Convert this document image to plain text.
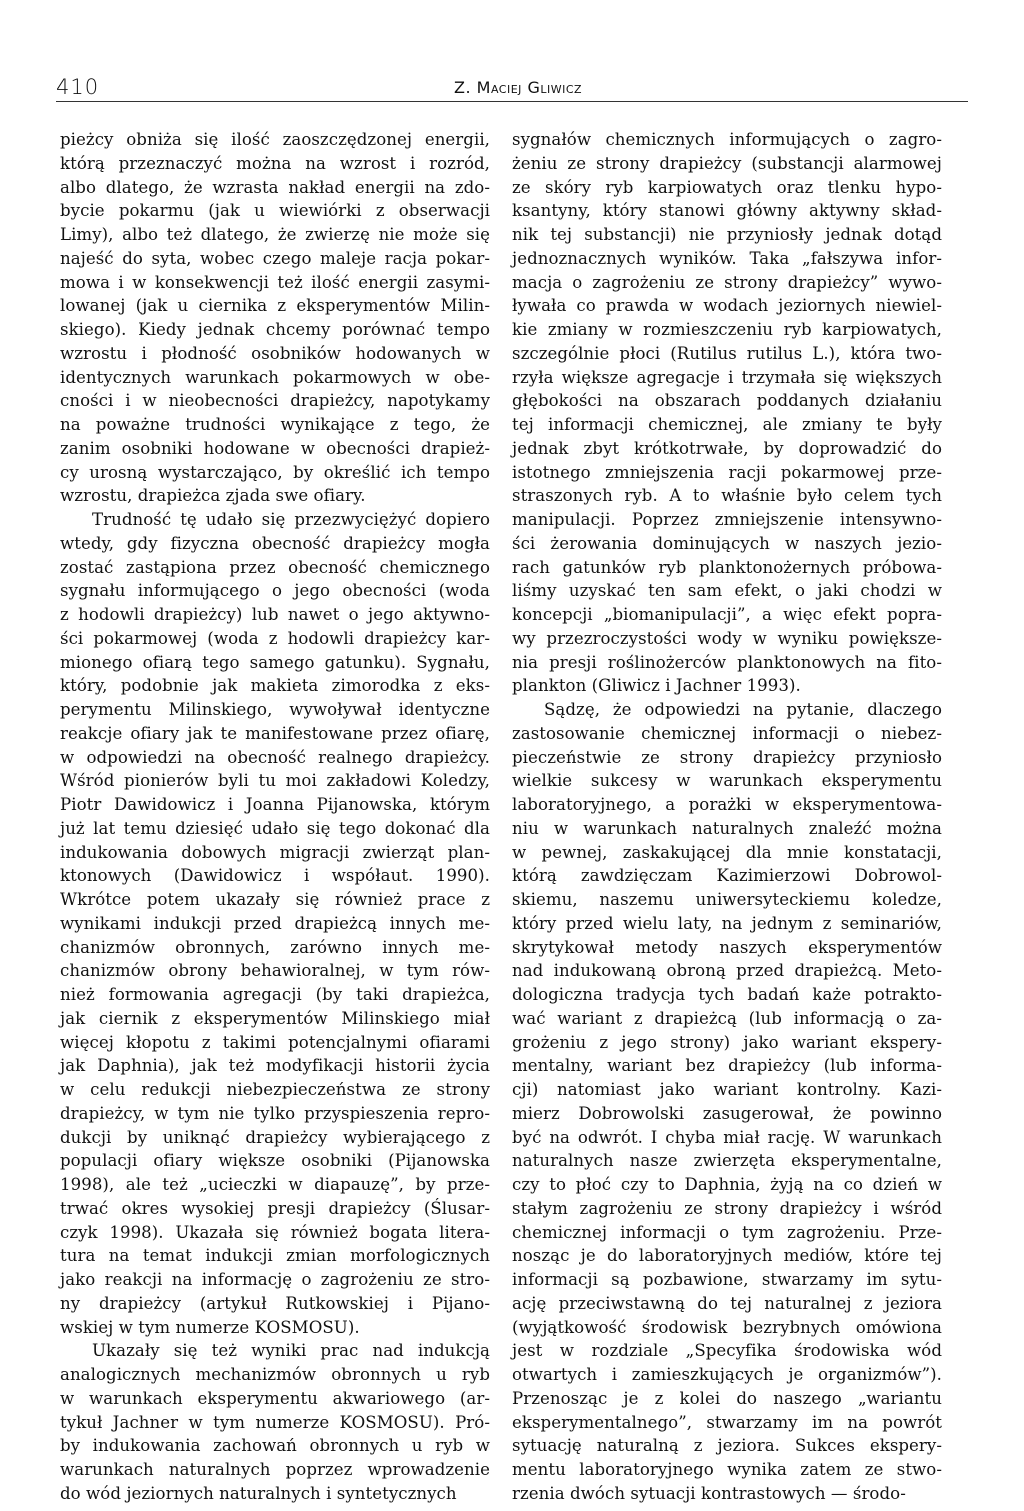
410	Z. Maciej Gliwicz
pieżcy obniża się ilość zaoszczędzonej energii,
którą przeznaczyć można na wzrost i rozród,
albo dlatego, że wzrasta nakład energii na zdo-
bycie pokarmu (jak u wiewiórki z obserwacji
Limy), albo też dlatego, że zwierzę nie może się
najeść do syta, wobec czego maleje racja pokar-
mowa i w konsekwencji też ilość energii zasymi-
lowanej (jak u ciernika z eksperymentów Milin-
skiego). Kiedy jednak chcemy porównać tempo
wzrostu i płodność osobników hodowanych w
identycznych warunkach pokarmowych w obe-
cności i w nieobecności drapieżcy, napotykamy
na poważne trudności wynikające z tego, że
zanim osobniki hodowane w obecności drapież-
cy urosną wystarczająco, by określić ich tempo
wzrostu, drapieżca zjada swe ofiary.
Trudność tę udało się przezwyciężyć dopiero
wtedy, gdy fizyczna obecność drapieżcy mogła
zostać zastąpiona przez obecność chemicznego
sygnału informującego o jego obecności (woda
z hodowli drapieżcy) lub nawet o jego aktywno-
ści pokarmowej (woda z hodowli drapieżcy kar-
mionego ofiarą tego samego gatunku). Sygnału,
który, podobnie jak makieta zimorodka z eks-
perymentu Milinskiego, wywoływał identyczne
reakcje ofiary jak te manifestowane przez ofiarę,
w odpowiedzi na obecność realnego drapieżcy.
Wśród pionierów byli tu moi zakładowi Koledzy,
Piotr Dawidowicz i Joanna Pijanowska, którym
już lat temu dziesięć udało się tego dokonać dla
indukowania dobowych migracji zwierząt plan-
ktonowych (Dawidowicz i współaut. 1990).
Wkrótce potem ukazały się również prace z
wynikami indukcji przed drapieżcą innych me-
chanizmów obronnych, zarówno innych me-
chanizmów obrony behawioralnej, w tym rów-
nież formowania agregacji (by taki drapieżca,
jak ciernik z eksperymentów Milinskiego miał
więcej kłopotu z takimi potencjalnymi ofiarami
jak Daphnia), jak też modyfikacji historii życia
w celu redukcji niebezpieczeństwa ze strony
drapieżcy, w tym nie tylko przyspieszenia repro-
dukcji by uniknąć drapieżcy wybierającego z
populacji ofiary większe osobniki (Pijanowska
1998), ale też „ucieczki w diapauzę”, by prze-
trwać okres wysokiej presji drapieżcy (Ślusar-
czyk 1998). Ukazała się również bogata litera-
tura na temat indukcji zmian morfologicznych
jako reakcji na informację o zagrożeniu ze stro-
ny drapieżcy (artykuł Rutkowskiej i Pijano-
wskiej w tym numerze KOSMOSU).
Ukazały się też wyniki prac nad indukcją
analogicznych mechanizmów obronnych u ryb
w warunkach eksperymentu akwariowego (ar-
tykuł Jachner w tym numerze KOSMOSU). Pró-
by indukowania zachowań obronnych u ryb w
warunkach naturalnych poprzez wprowadzenie
do wód jeziornych naturalnych i syntetycznych
sygnałów chemicznych informujących o zagro-
żeniu ze strony drapieżcy (substancji alarmowej
ze skóry ryb karpiowatych oraz tlenku hypo-
ksantyny, który stanowi główny aktywny skład-
nik tej substancji) nie przyniosły jednak dotąd
jednoznacznych wyników. Taka „fałszywa infor-
macja o zagrożeniu ze strony drapieżcy” wywo-
ływała co prawda w wodach jeziornych niewiel-
kie zmiany w rozmieszczeniu ryb karpiowatych,
szczególnie płoci (Rutilus rutilus L.), która two-
rzyła większe agregacje i trzymała się większych
głębokości na obszarach poddanych działaniu
tej informacji chemicznej, ale zmiany te były
jednak zbyt krótkotrwałe, by doprowadzić do
istotnego zmniejszenia racji pokarmowej prze-
straszonych ryb. A to właśnie było celem tych
manipulacji. Poprzez zmniejszenie intensywno-
ści żerowania dominujących w naszych jezio-
rach gatunków ryb planktonożernych próbowa-
liśmy uzyskać ten sam efekt, o jaki chodzi w
koncepcji „biomanipulacji”, a więc efekt popra-
wy przezroczystości wody w wyniku powiększe-
nia presji roślinożerców planktonowych na fito-
plankton (Gliwicz i Jachner 1993).
Sądzę, że odpowiedzi na pytanie, dlaczego
zastosowanie chemicznej informacji o niebez-
pieczeństwie ze strony drapieżcy przyniosło
wielkie sukcesy w warunkach eksperymentu
laboratoryjnego, a porażki w eksperymentowa-
niu w warunkach naturalnych znaleźć można
w pewnej, zaskakującej dla mnie konstatacji,
którą zawdzięczam Kazimierzowi Dobrowol-
skiemu, naszemu uniwersyteckiemu koledze,
który przed wielu laty, na jednym z seminariów,
skrytykował metody naszych eksperymentów
nad indukowaną obroną przed drapieżcą. Meto-
dologiczna tradycja tych badań każe potrakto-
wać wariant z drapieżcą (lub informacją o za-
grożeniu z jego strony) jako wariant ekspery-
mentalny, wariant bez drapieżcy (lub informa-
cji) natomiast jako wariant kontrolny. Kazi-
mierz Dobrowolski zasugerował, że powinno
być na odwrót. I chyba miał rację. W warunkach
naturalnych nasze zwierzęta eksperymentalne,
czy to płoć czy to Daphnia, żyją na co dzień w
stałym zagrożeniu ze strony drapieżcy i wśród
chemicznej informacji o tym zagrożeniu. Prze-
nosząc je do laboratoryjnych mediów, które tej
informacji są pozbawione, stwarzamy im sytu-
ację przeciwstawną do tej naturalnej z jeziora
(wyjątkowość środowisk bezrybnych omówiona
jest w rozdziale „Specyfika środowiska wód
otwartych i zamieszkujących je organizmów”).
Przenosząc je z kolei do naszego „wariantu
eksperymentalnego”, stwarzamy im na powrót
sytuację naturalną z jeziora. Sukces ekspery-
mentu laboratoryjnego wynika zatem ze stwo-
rzenia dwóch sytuacji kontrastowych — środo-
